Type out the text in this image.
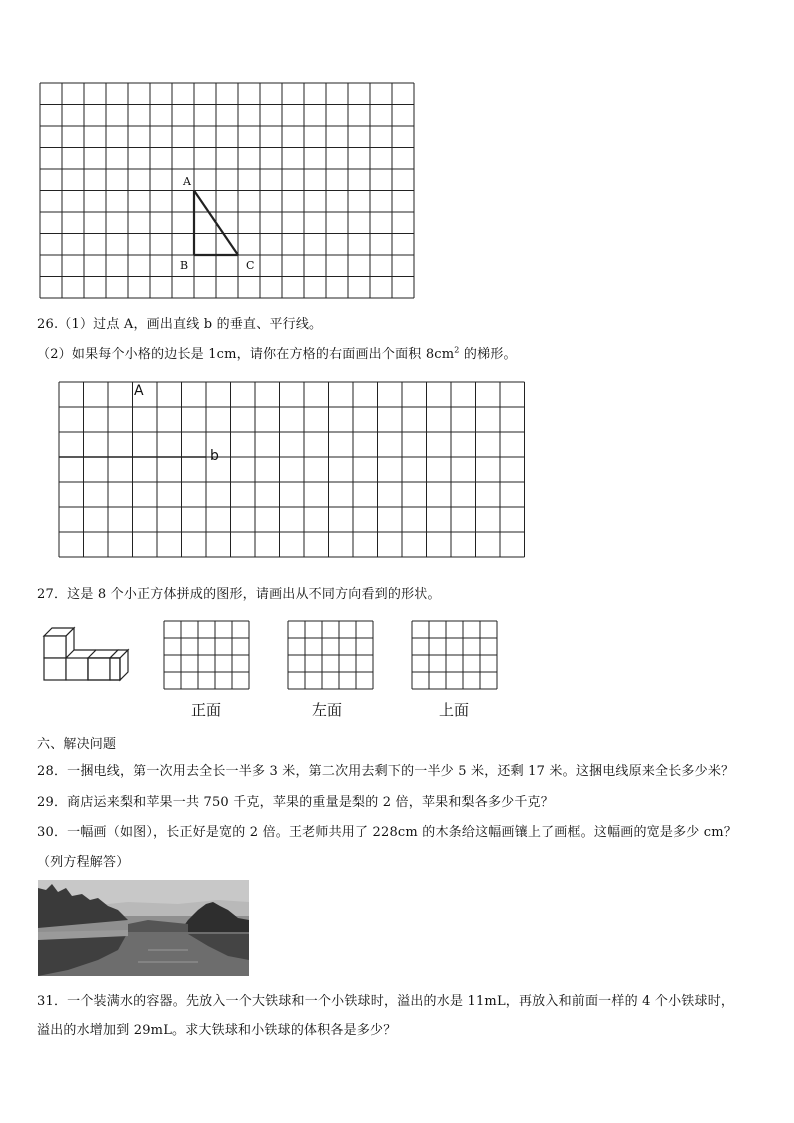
A
B	C
26.（1）过点 A，画出直线 b 的垂直、平行线。
（2）如果每个小格的边长是 1cm，请你在方格的右面画出个面积 $8cm^2$ 的梯形。
A
b
27．这是 8 个小正方体拼成的图形，请画出从不同方向看到的形状。
正面	左面	上面
六、解决问题
28．一捆电线，第一次用去全长一半多 3 米，第二次用去剩下的一半少 5 米，还剩 17 米。这捆电线原来全长多少米？
29．商店运来梨和苹果一共 750 千克，苹果的重量是梨的 2 倍，苹果和梨各多少千克？
30．一幅画（如图），长正好是宽的 2 倍。王老师共用了 228cm 的木条给这幅画镶上了画框。这幅画的宽是多少 cm？
（列方程解答）
31．一个装满水的容器。先放入一个大铁球和一个小铁球时，溢出的水是 11mL，再放入和前面一样的 4 个小铁球时，
溢出的水增加到 29mL。求大铁球和小铁球的体积各是多少？
